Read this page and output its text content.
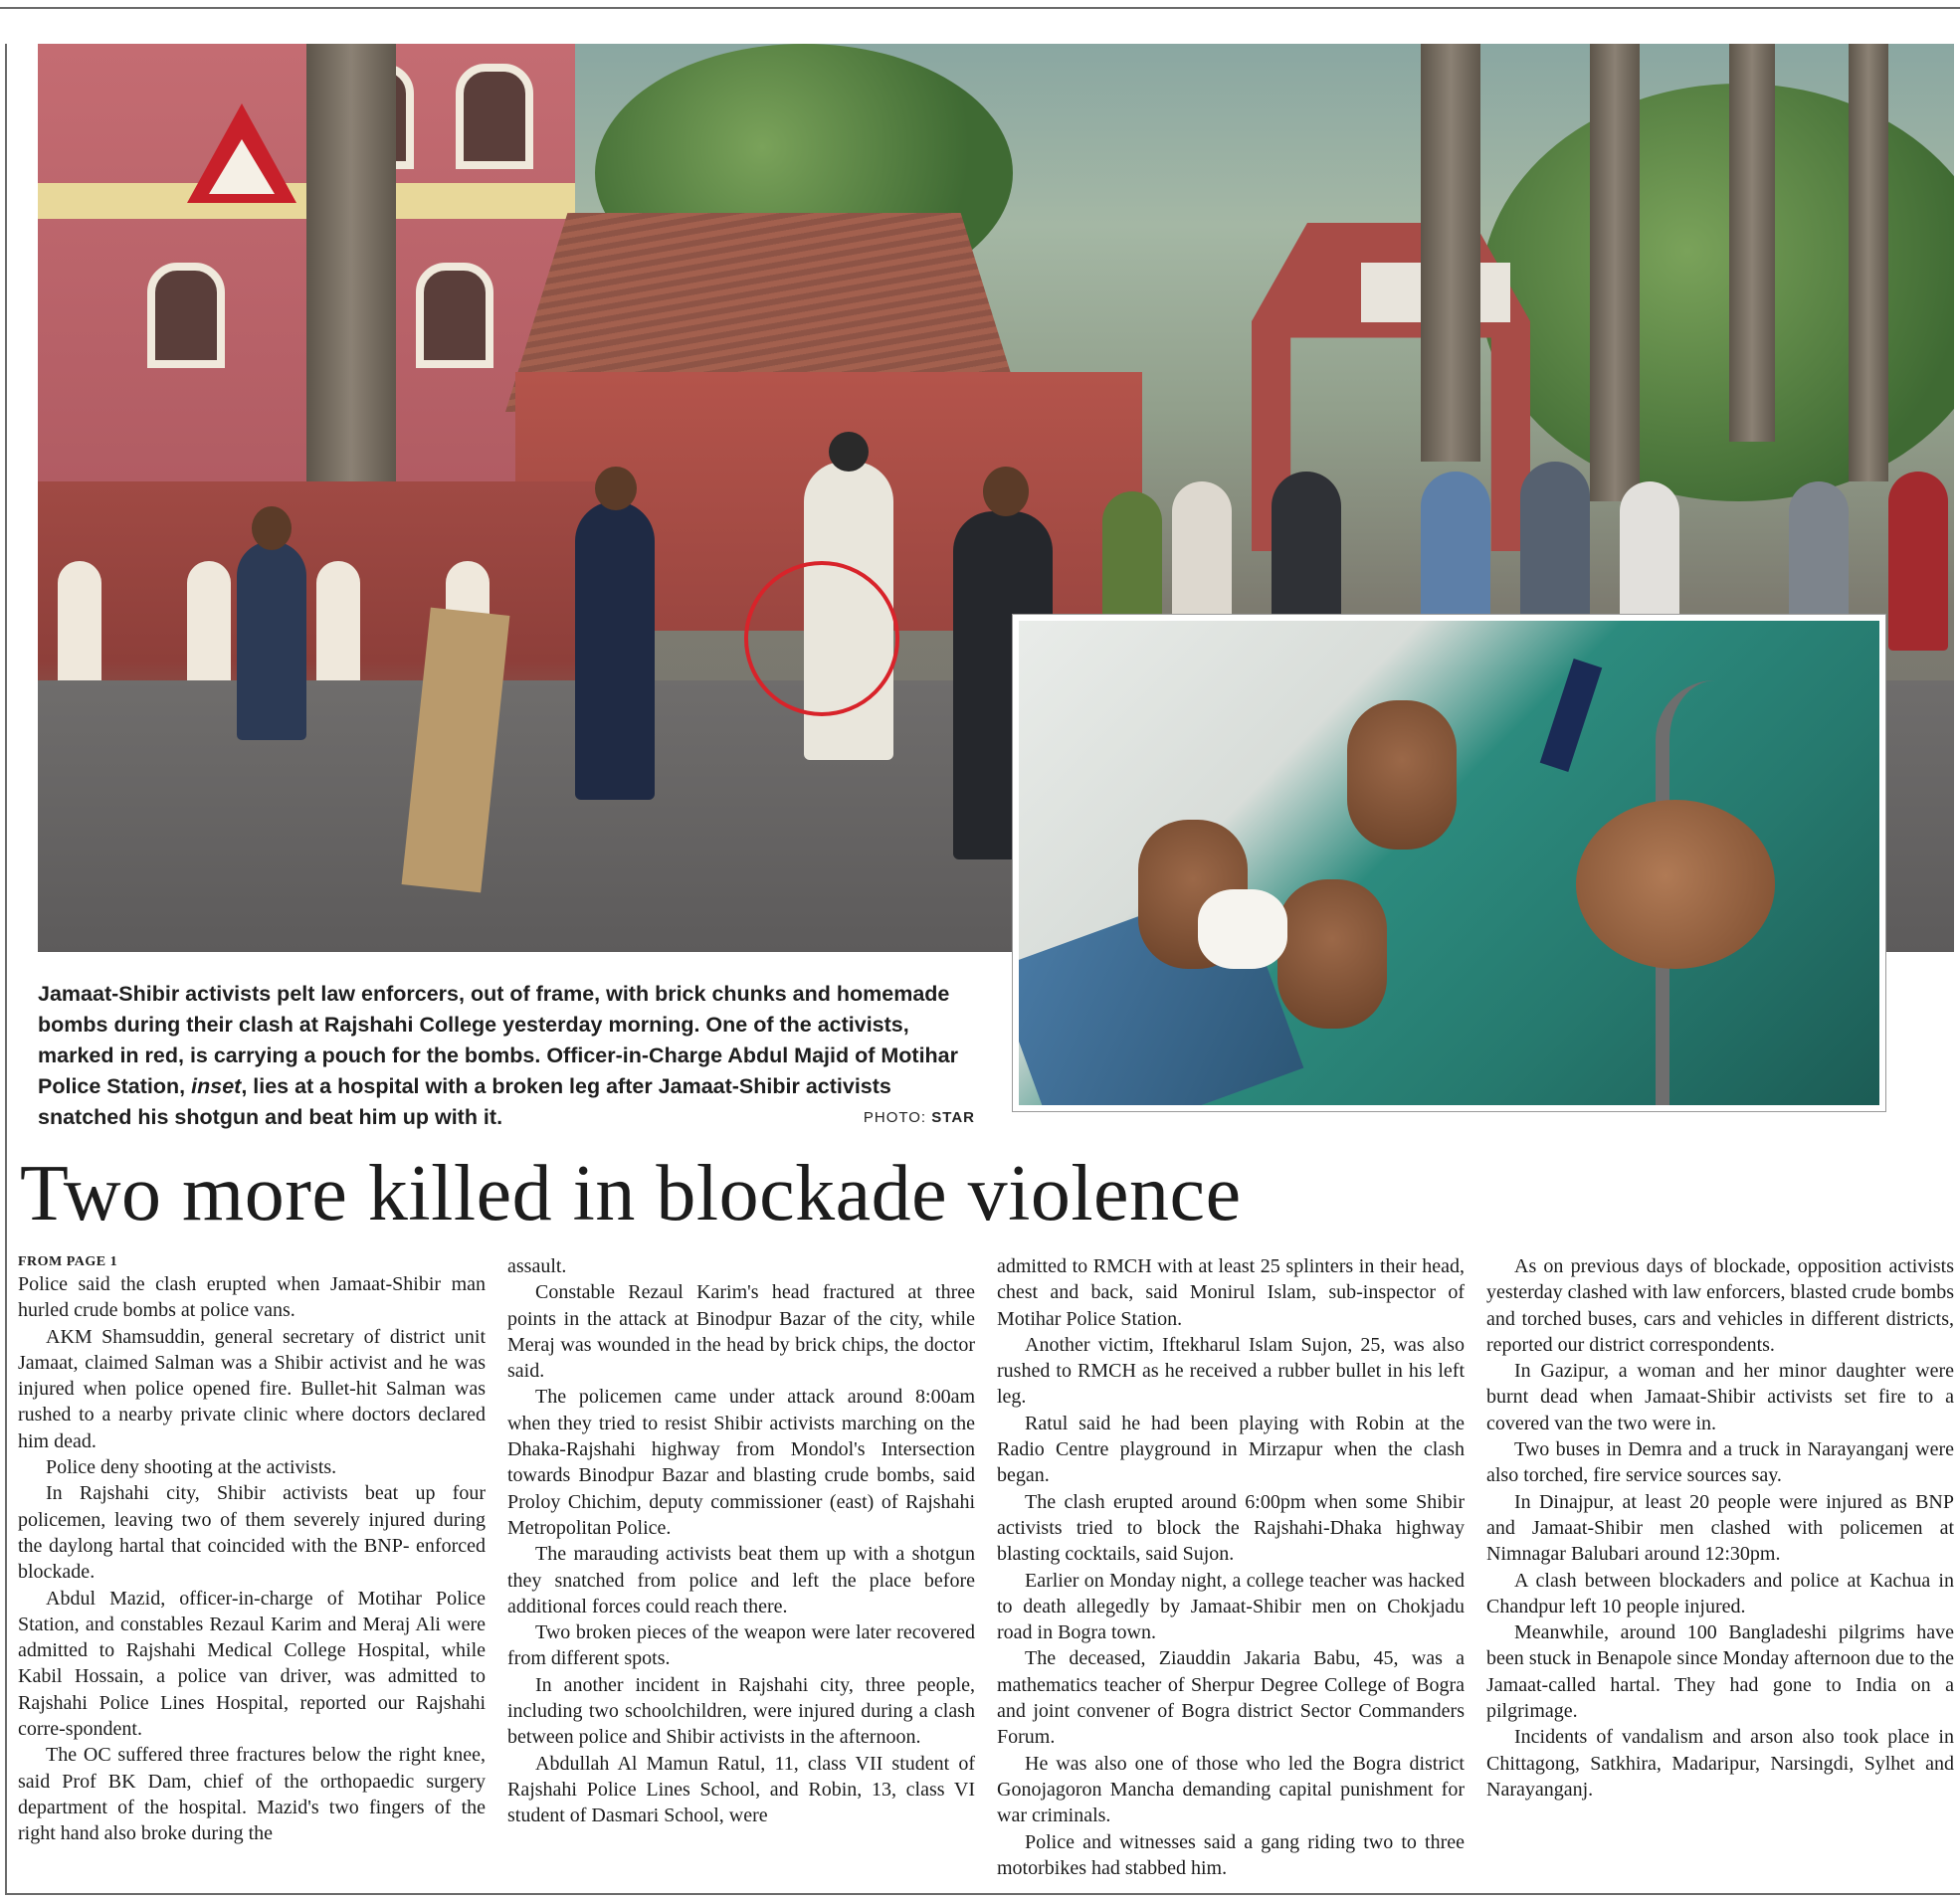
Jamaat-Shibir activists pelt law enforcers, out of frame, with brick chunks and homemade bombs during their clash at Rajshahi College yesterday morning. One of the activists, marked in red, is carrying a pouch for the bombs. Officer-in-Charge Abdul Majid of Motihar Police Station, inset, lies at a hospital with a broken leg after Jamaat-Shibir activists snatched his shotgun and beat him up with it.	PHOTO: STAR
Two more killed in blockade violence

FROM PAGE 1

Police said the clash erupted when Jamaat-Shibir man hurled crude bombs at police vans.

AKM Shamsuddin, general secretary of district unit Jamaat, claimed Salman was a Shibir activist and he was injured when police opened fire. Bullet-hit Salman was rushed to a nearby private clinic where doctors declared him dead.

Police deny shooting at the activists.

In Rajshahi city, Shibir activists beat up four policemen, leaving two of them severely injured during the daylong hartal that coincided with the BNP- enforced blockade.

Abdul Mazid, officer-in-charge of Motihar Police Station, and constables Rezaul Karim and Meraj Ali were admitted to Rajshahi Medical College Hospital, while Kabil Hossain, a police van driver, was admitted to Rajshahi Police Lines Hospital, reported our Rajshahi corre-spondent.

The OC suffered three fractures below the right knee, said Prof BK Dam, chief of the orthopaedic surgery department of the hospital. Mazid's two fingers of the right hand also broke during the

assault.

Constable Rezaul Karim's head fractured at three points in the attack at Binodpur Bazar of the city, while Meraj was wounded in the head by brick chips, the doctor said.

The policemen came under attack around 8:00am when they tried to resist Shibir activists marching on the Dhaka-Rajshahi highway from Mondol's Intersection towards Binodpur Bazar and blasting crude bombs, said Proloy Chichim, deputy commissioner (east) of Rajshahi Metropolitan Police.

The marauding activists beat them up with a shotgun they snatched from police and left the place before additional forces could reach there.

Two broken pieces of the weapon were later recovered from different spots.

In another incident in Rajshahi city, three people, including two schoolchildren, were injured during a clash between police and Shibir activists in the afternoon.

Abdullah Al Mamun Ratul, 11, class VII student of Rajshahi Police Lines School, and Robin, 13, class VI student of Dasmari School, were

admitted to RMCH with at least 25 splinters in their head, chest and back, said Monirul Islam, sub-inspector of Motihar Police Station.

Another victim, Iftekharul Islam Sujon, 25, was also rushed to RMCH as he received a rubber bullet in his left leg.

Ratul said he had been playing with Robin at the Radio Centre playground in Mirzapur when the clash began.

The clash erupted around 6:00pm when some Shibir activists tried to block the Rajshahi-Dhaka highway blasting cocktails, said Sujon.

Earlier on Monday night, a college teacher was hacked to death allegedly by Jamaat-Shibir men on Chokjadu road in Bogra town.

The deceased, Ziauddin Jakaria Babu, 45, was a mathematics teacher of Sherpur Degree College of Bogra and joint convener of Bogra district Sector Commanders Forum.

He was also one of those who led the Bogra district Gonojagoron Mancha demanding capital punishment for war criminals.

Police and witnesses said a gang riding two to three motorbikes had stabbed him.

As on previous days of blockade, opposition activists yesterday clashed with law enforcers, blasted crude bombs and torched buses, cars and vehicles in different districts, reported our district correspondents.

In Gazipur, a woman and her minor daughter were burnt dead when Jamaat-Shibir activists set fire to a covered van the two were in.

Two buses in Demra and a truck in Narayanganj were also torched, fire service sources say.

In Dinajpur, at least 20 people were injured as BNP and Jamaat-Shibir men clashed with policemen at Nimnagar Balubari around 12:30pm.

A clash between blockaders and police at Kachua in Chandpur left 10 people injured.

Meanwhile, around 100 Bangladeshi pilgrims have been stuck in Benapole since Monday afternoon due to the Jamaat-called hartal. They had gone to India on a pilgrimage.

Incidents of vandalism and arson also took place in Chittagong, Satkhira, Madaripur, Narsingdi, Sylhet and Narayanganj.
